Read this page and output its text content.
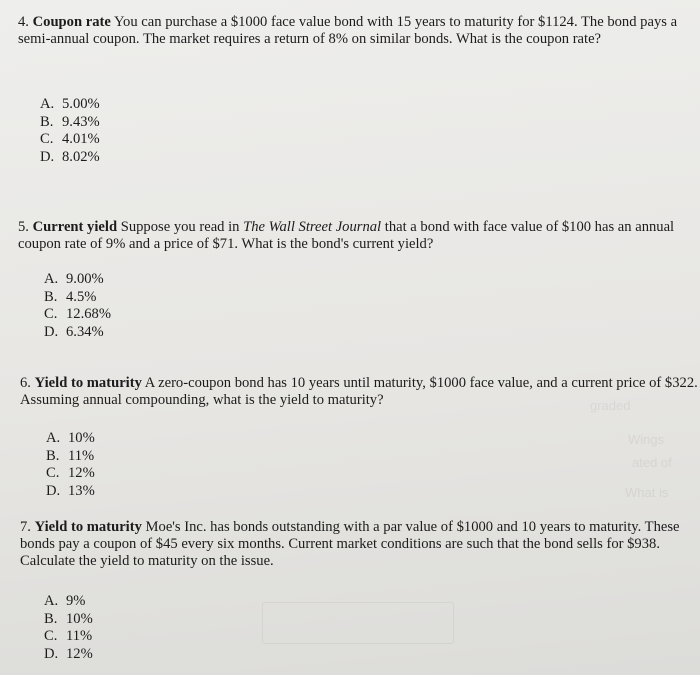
graded
Wings
ated of
What is

4. Coupon rate You can purchase a $1000 face value bond with 15 years to maturity for $1124. The bond pays a semi-annual coupon. The market requires a return of 8% on similar bonds. What is the coupon rate?

A. 5.00%
B. 9.43%
C. 4.01%
D. 8.02%

5. Current yield Suppose you read in The Wall Street Journal that a bond with face value of $100 has an annual coupon rate of 9% and a price of $71. What is the bond's current yield?

A. 9.00%
B. 4.5%
C. 12.68%
D. 6.34%

6. Yield to maturity A zero-coupon bond has 10 years until maturity, $1000 face value, and a current price of $322. Assuming annual compounding, what is the yield to maturity?

A. 10%
B. 11%
C. 12%
D. 13%

7. Yield to maturity Moe's Inc. has bonds outstanding with a par value of $1000 and 10 years to maturity. These bonds pay a coupon of $45 every six months. Current market conditions are such that the bond sells for $938. Calculate the yield to maturity on the issue.

A. 9%
B. 10%
C. 11%
D. 12%
